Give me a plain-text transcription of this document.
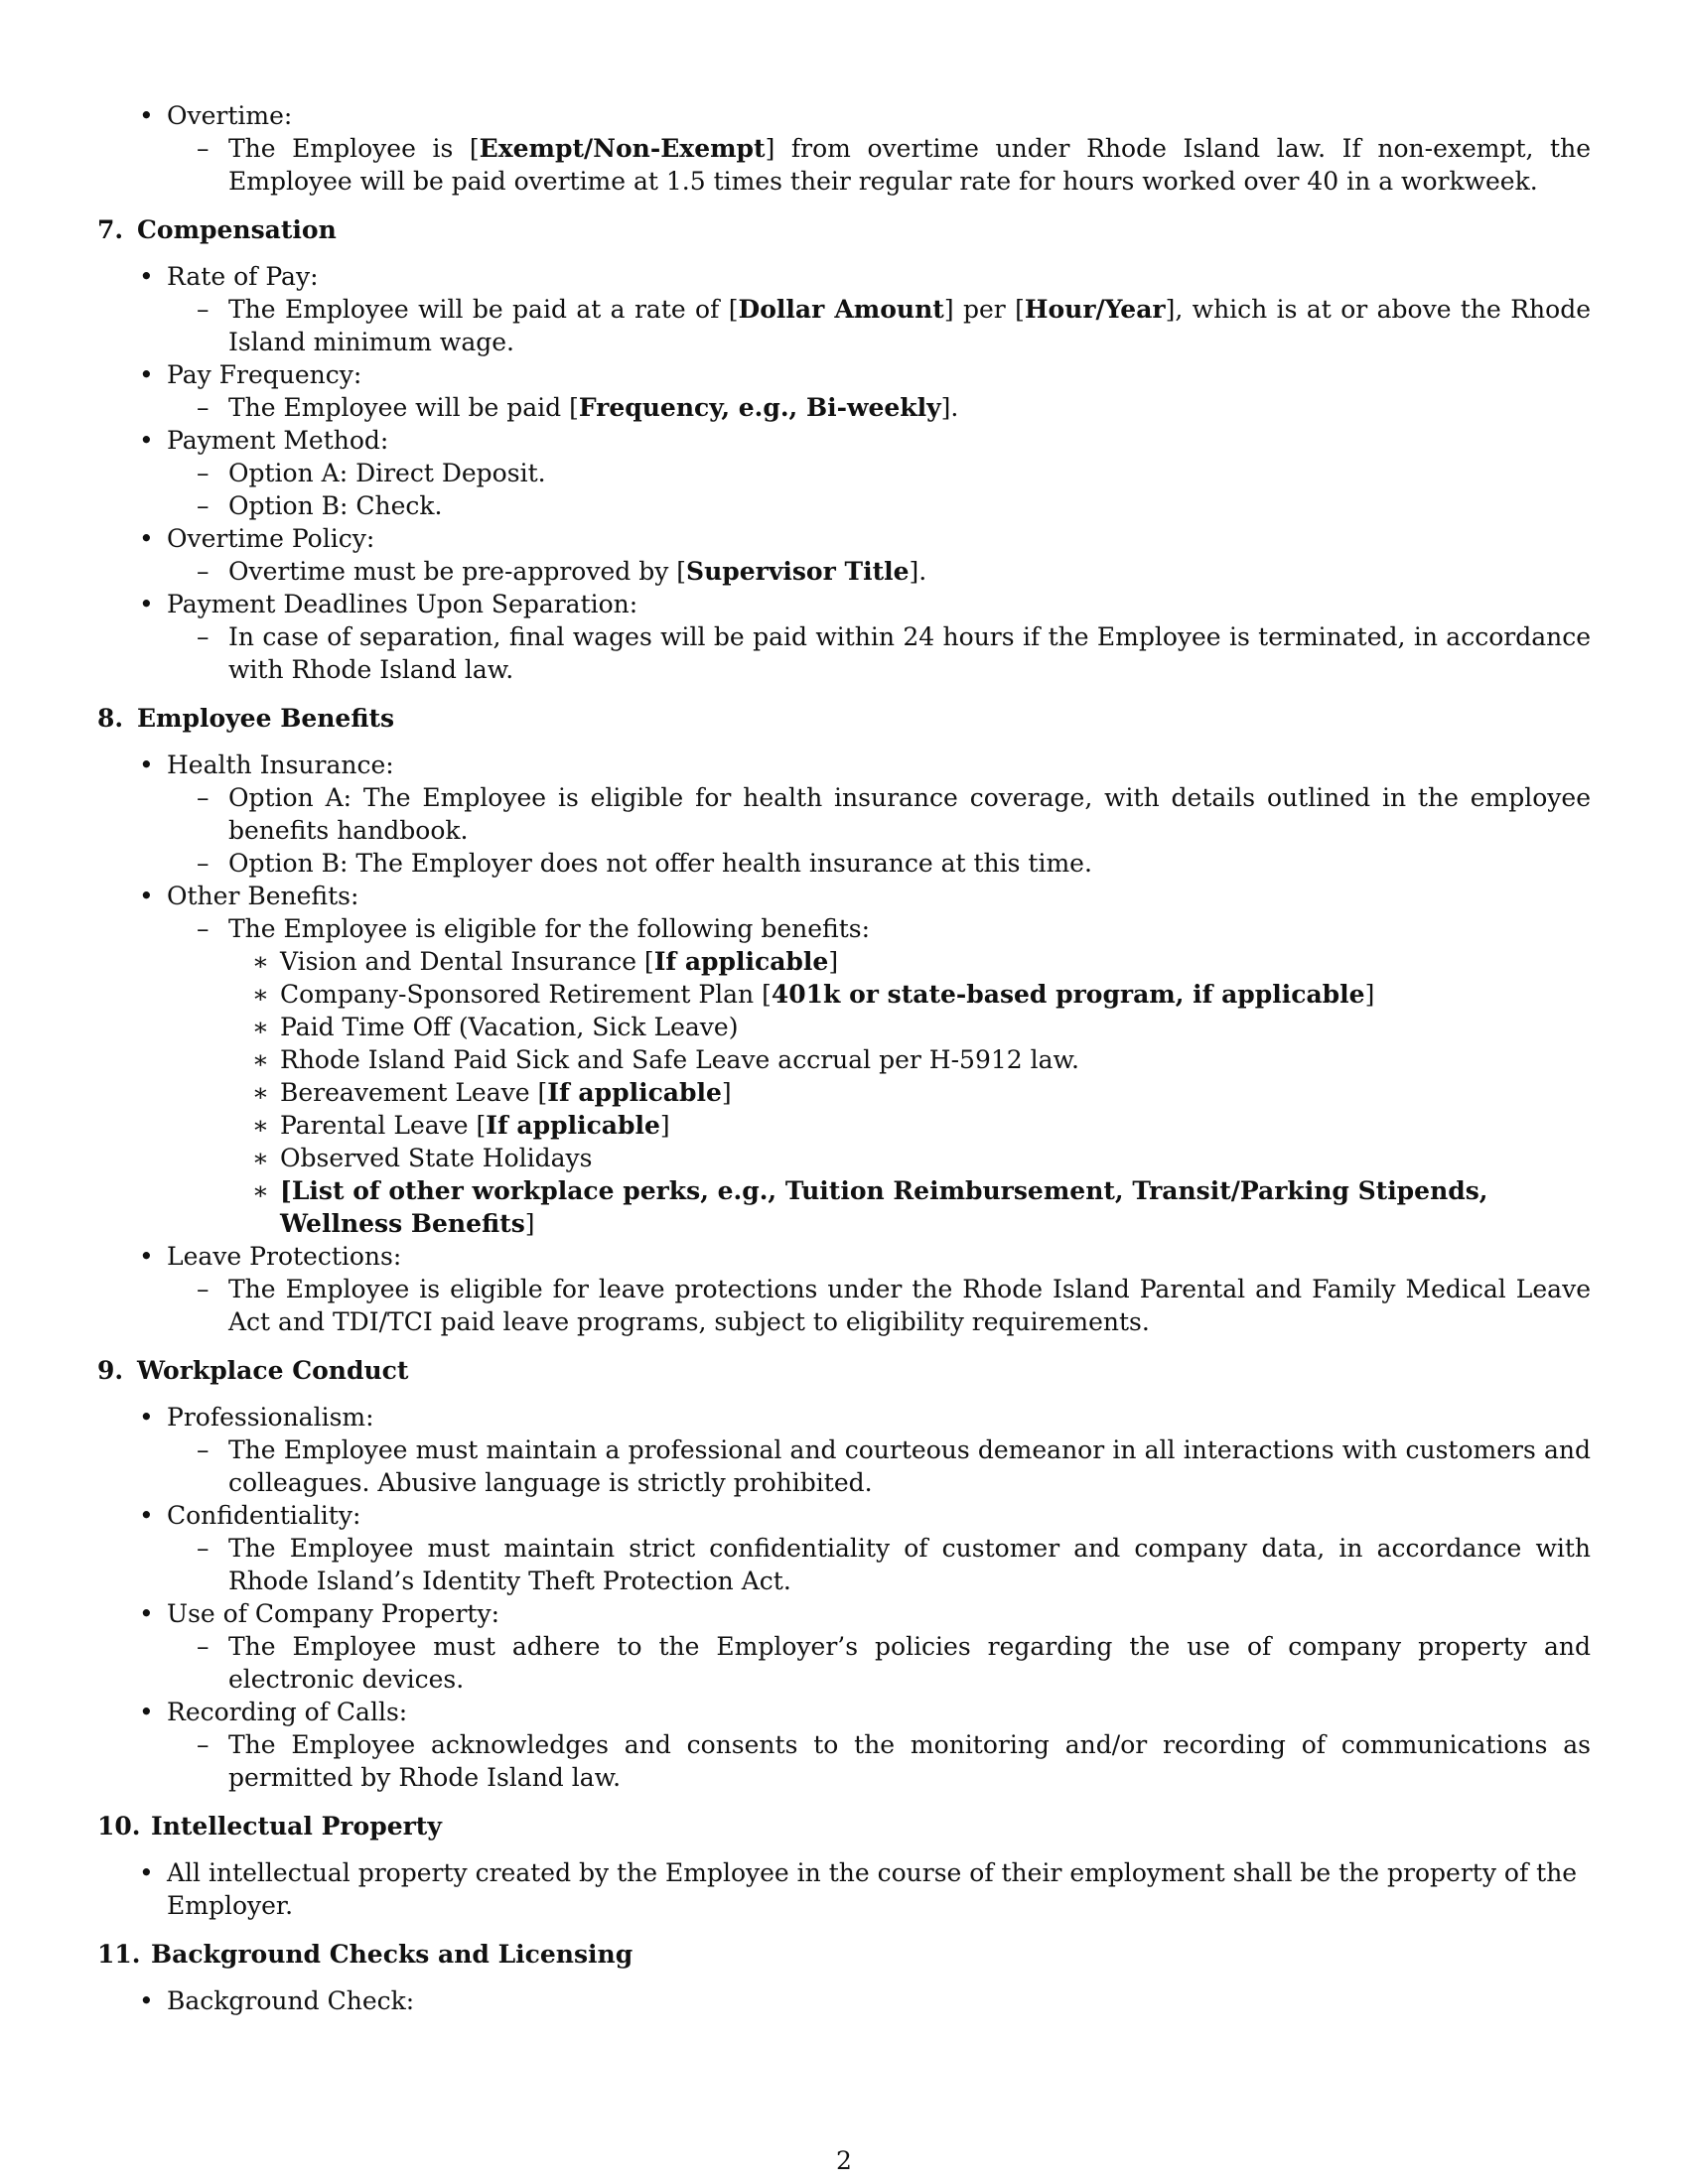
• Overtime:
– The Employee is [Exempt/Non-Exempt] from overtime under Rhode Island law. If non-exempt, the Employee will be paid overtime at 1.5 times their regular rate for hours worked over 40 in a workweek.
7. Compensation
• Rate of Pay:
– The Employee will be paid at a rate of [Dollar Amount] per [Hour/Year], which is at or above the Rhode Island minimum wage.
• Pay Frequency:
– The Employee will be paid [Frequency, e.g., Bi-weekly].
• Payment Method:
– Option A: Direct Deposit.
– Option B: Check.
• Overtime Policy:
– Overtime must be pre-approved by [Supervisor Title].
• Payment Deadlines Upon Separation:
– In case of separation, final wages will be paid within 24 hours if the Employee is terminated, in accordance with Rhode Island law.
8. Employee Benefits
• Health Insurance:
– Option A: The Employee is eligible for health insurance coverage, with details outlined in the employee benefits handbook.
– Option B: The Employer does not offer health insurance at this time.
• Other Benefits:
– The Employee is eligible for the following benefits:
∗ Vision and Dental Insurance [If applicable]
∗ Company-Sponsored Retirement Plan [401k or state-based program, if applicable]
∗ Paid Time Off (Vacation, Sick Leave)
∗ Rhode Island Paid Sick and Safe Leave accrual per H-5912 law.
∗ Bereavement Leave [If applicable]
∗ Parental Leave [If applicable]
∗ Observed State Holidays
∗ [List of other workplace perks, e.g., Tuition Reimbursement, Transit/Parking Stipends, Wellness Benefits]
• Leave Protections:
– The Employee is eligible for leave protections under the Rhode Island Parental and Family Medical Leave Act and TDI/TCI paid leave programs, subject to eligibility requirements.
9. Workplace Conduct
• Professionalism:
– The Employee must maintain a professional and courteous demeanor in all interactions with customers and colleagues. Abusive language is strictly prohibited.
• Confidentiality:
– The Employee must maintain strict confidentiality of customer and company data, in accordance with Rhode Island’s Identity Theft Protection Act.
• Use of Company Property:
– The Employee must adhere to the Employer’s policies regarding the use of company property and electronic devices.
• Recording of Calls:
– The Employee acknowledges and consents to the monitoring and/or recording of communications as permitted by Rhode Island law.
10. Intellectual Property
• All intellectual property created by the Employee in the course of their employment shall be the property of the Employer.
11. Background Checks and Licensing
• Background Check:
2
